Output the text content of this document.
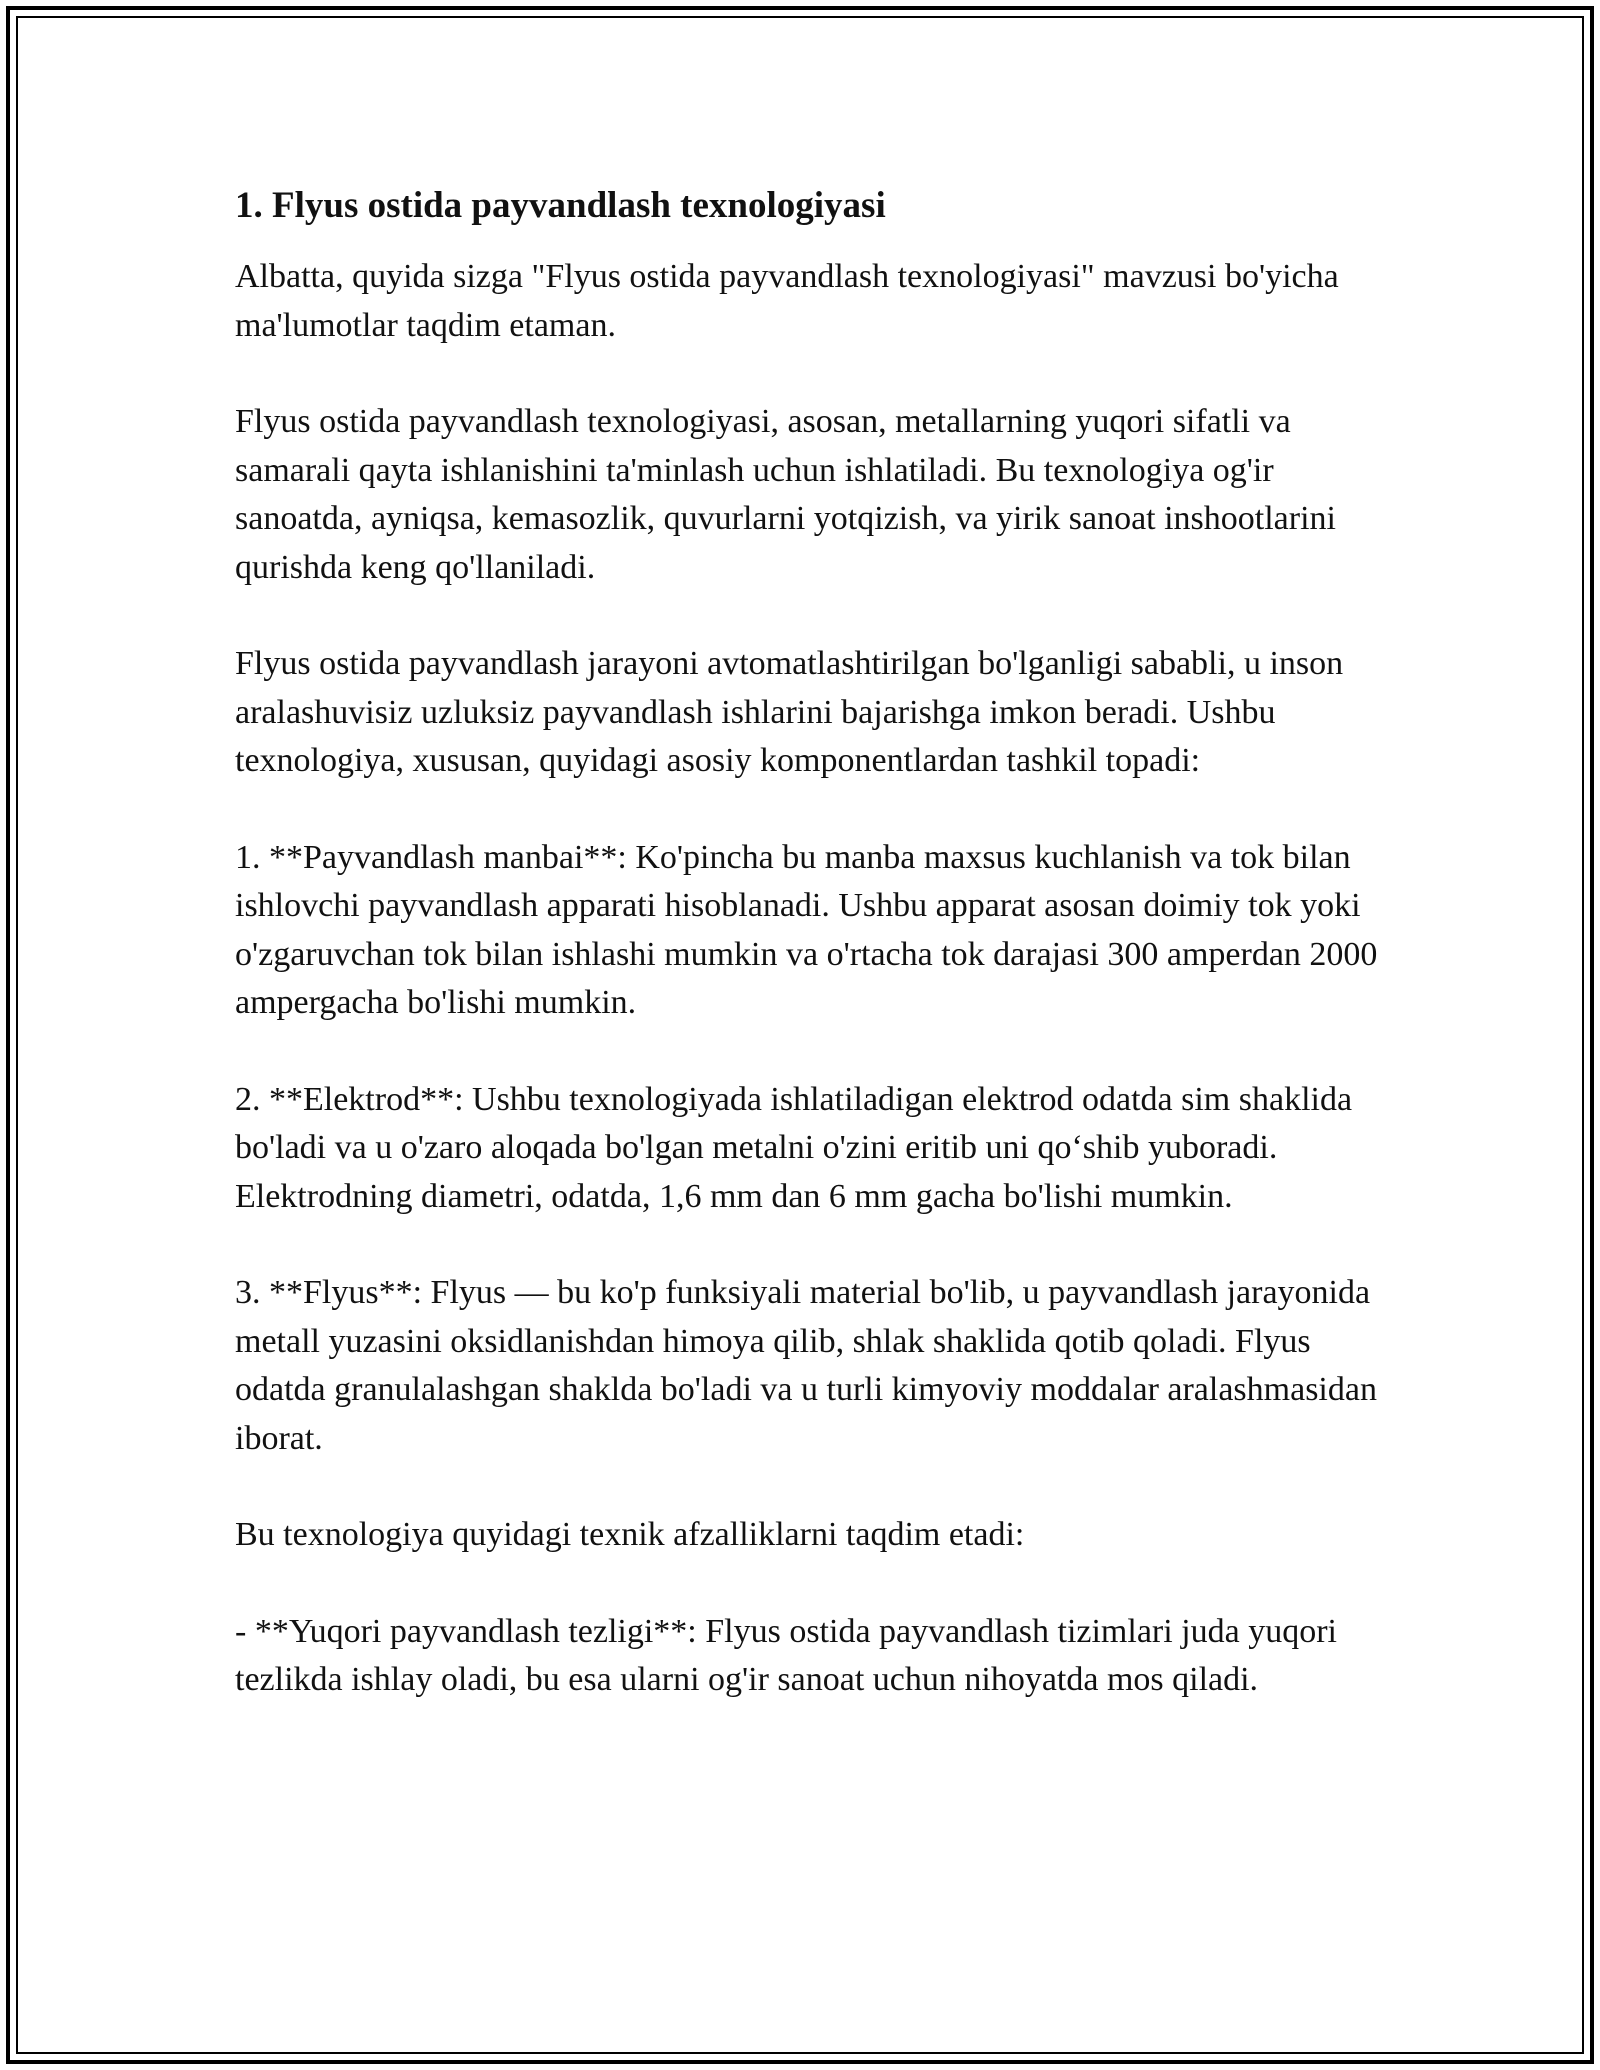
1. Flyus ostida payvandlash texnologiyasi

Albatta, quyida sizga "Flyus ostida payvandlash texnologiyasi" mavzusi bo'yicha ma'lumotlar taqdim etaman.

Flyus ostida payvandlash texnologiyasi, asosan, metallarning yuqori sifatli va samarali qayta ishlanishini ta'minlash uchun ishlatiladi. Bu texnologiya og'ir sanoatda, ayniqsa, kemasozlik, quvurlarni yotqizish, va yirik sanoat inshootlarini qurishda keng qo'llaniladi.

Flyus ostida payvandlash jarayoni avtomatlashtirilgan bo'lganligi sababli, u inson aralashuvisiz uzluksiz payvandlash ishlarini bajarishga imkon beradi. Ushbu texnologiya, xususan, quyidagi asosiy komponentlardan tashkil topadi:

1. **Payvandlash manbai**: Ko'pincha bu manba maxsus kuchlanish va tok bilan ishlovchi payvandlash apparati hisoblanadi. Ushbu apparat asosan doimiy tok yoki o'zgaruvchan tok bilan ishlashi mumkin va o'rtacha tok darajasi 300 amperdan 2000 ampergacha bo'lishi mumkin.

2. **Elektrod**: Ushbu texnologiyada ishlatiladigan elektrod odatda sim shaklida bo'ladi va u o'zaro aloqada bo'lgan metalni o'zini eritib uni qo‘shib yuboradi. Elektrodning diametri, odatda, 1,6 mm dan 6 mm gacha bo'lishi mumkin.

3. **Flyus**: Flyus — bu ko'p funksiyali material bo'lib, u payvandlash jarayonida metall yuzasini oksidlanishdan himoya qilib, shlak shaklida qotib qoladi. Flyus odatda granulalashgan shaklda bo'ladi va u turli kimyoviy moddalar aralashmasidan iborat.

Bu texnologiya quyidagi texnik afzalliklarni taqdim etadi:

- **Yuqori payvandlash tezligi**: Flyus ostida payvandlash tizimlari juda yuqori tezlikda ishlay oladi, bu esa ularni og'ir sanoat uchun nihoyatda mos qiladi.
